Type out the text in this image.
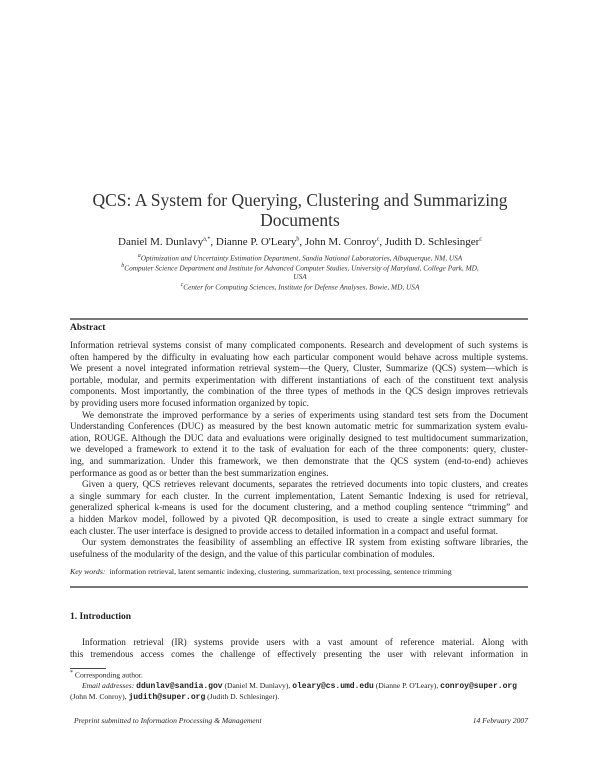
QCS: A System for Querying, Clustering and Summarizing
Documents
Daniel M. Dunlavy$^{a,*}$, Dianne P. O'Leary$^b$, John M. Conroy$^c$, Judith D. Schlesinger$^c$
$^a$Optimization and Uncertainty Estimation Department, Sandia National Laboratories, Albuquerque, NM, USA
$^b$Computer Science Department and Institute for Advanced Computer Studies, University of Maryland, College Park, MD,
USA
$^c$Center for Computing Sciences, Institute for Defense Analyses, Bowie, MD, USA
Abstract
Information retrieval systems consist of many complicated components. Research and development of such systems is
often hampered by the difficulty in evaluating how each particular component would behave across multiple systems.
We present a novel integrated information retrieval system—the Query, Cluster, Summarize (QCS) system—which is
portable, modular, and permits experimentation with different instantiations of each of the constituent text analysis
components. Most importantly, the combination of the three types of methods in the QCS design improves retrievals
by providing users more focused information organized by topic.
We demonstrate the improved performance by a series of experiments using standard test sets from the Document
Understanding Conferences (DUC) as measured by the best known automatic metric for summarization system evalu-
ation, ROUGE. Although the DUC data and evaluations were originally designed to test multidocument summarization,
we developed a framework to extend it to the task of evaluation for each of the three components: query, cluster-
ing, and summarization. Under this framework, we then demonstrate that the QCS system (end-to-end) achieves
performance as good as or better than the best summarization engines.
Given a query, QCS retrieves relevant documents, separates the retrieved documents into topic clusters, and creates
a single summary for each cluster. In the current implementation, Latent Semantic Indexing is used for retrieval,
generalized spherical k-means is used for the document clustering, and a method coupling sentence “trimming” and
a hidden Markov model, followed by a pivoted QR decomposition, is used to create a single extract summary for
each cluster. The user interface is designed to provide access to detailed information in a compact and useful format.
Our system demonstrates the feasibility of assembling an effective IR system from existing software libraries, the
usefulness of the modularity of the design, and the value of this particular combination of modules.
Key words: information retrieval, latent semantic indexing, clustering, summarization, text processing, sentence trimming
1. Introduction
Information retrieval (IR) systems provide users with a vast amount of reference material. Along with
this tremendous access comes the challenge of effectively presenting the user with relevant information in
* Corresponding author.
Email addresses: ddunlav@sandia.gov (Daniel M. Dunlavy), oleary@cs.umd.edu (Dianne P. O'Leary), conroy@super.org
(John M. Conroy), judith@super.org (Judith D. Schlesinger).
Preprint submitted to Information Processing & Management	14 February 2007
